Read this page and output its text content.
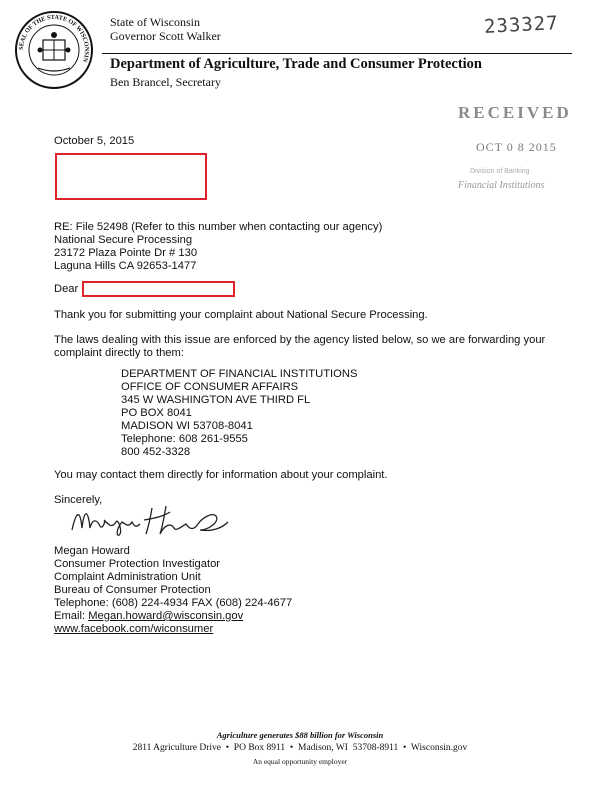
SEAL OF THE STATE OF WISCONSIN
State of Wisconsin
Governor Scott Walker
Department of Agriculture, Trade and Consumer Protection
Ben Brancel, Secretary
233327
RECEIVED
OCT 0 8 2015
Division of Banking
Financial Institutions
October 5, 2015
RE: File 52498 (Refer to this number when contacting our agency)
National Secure Processing
23172 Plaza Pointe Dr # 130
Laguna Hills CA 92653-1477
Dear
Thank you for submitting your complaint about National Secure Processing.
The laws dealing with this issue are enforced by the agency listed below, so we are forwarding your
complaint directly to them:
DEPARTMENT OF FINANCIAL INSTITUTIONS
OFFICE OF CONSUMER AFFAIRS
345 W WASHINGTON AVE THIRD FL
PO BOX 8041
MADISON WI 53708-8041
Telephone: 608 261-9555
800 452-3328
You may contact them directly for information about your complaint.
Sincerely,
Megan Howard
Consumer Protection Investigator
Complaint Administration Unit
Bureau of Consumer Protection
Telephone: (608) 224-4934 FAX (608) 224-4677
Email: Megan.howard@wisconsin.gov
www.facebook.com/wiconsumer
Agriculture generates $88 billion for Wisconsin
2811 Agriculture Drive  •  PO Box 8911  •  Madison, WI  53708-8911  •  Wisconsin.gov
An equal opportunity employer
